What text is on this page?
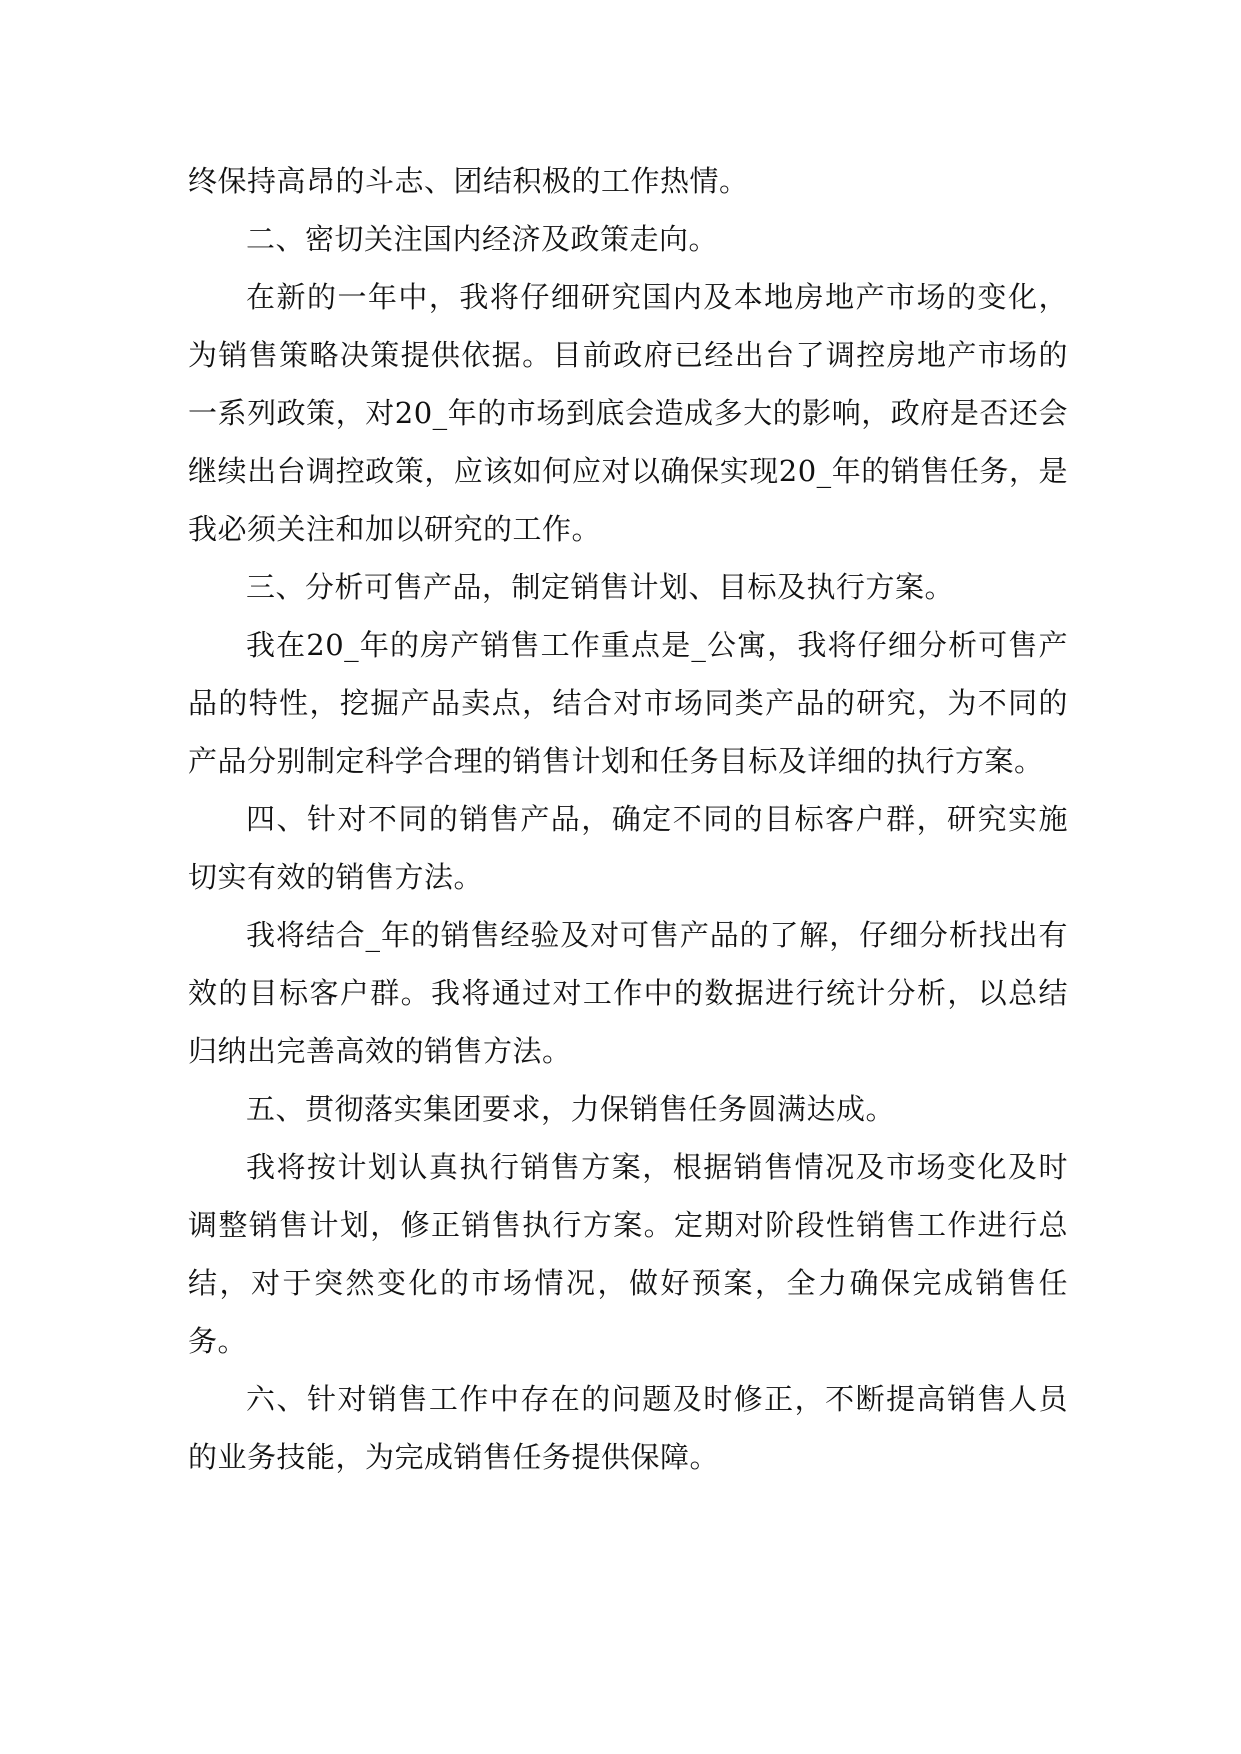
终保持高昂的斗志、团结积极的工作热情。

二、密切关注国内经济及政策走向。

在新的一年中，我将仔细研究国内及本地房地产市场的变化，为销售策略决策提供依据。目前政府已经出台了调控房地产市场的一系列政策，对20_年的市场到底会造成多大的影响，政府是否还会继续出台调控政策，应该如何应对以确保实现20_年的销售任务，是我必须关注和加以研究的工作。

三、分析可售产品，制定销售计划、目标及执行方案。

我在20_年的房产销售工作重点是_公寓，我将仔细分析可售产品的特性，挖掘产品卖点，结合对市场同类产品的研究，为不同的产品分别制定科学合理的销售计划和任务目标及详细的执行方案。

四、针对不同的销售产品，确定不同的目标客户群，研究实施切实有效的销售方法。

我将结合_年的销售经验及对可售产品的了解，仔细分析找出有效的目标客户群。我将通过对工作中的数据进行统计分析，以总结归纳出完善高效的销售方法。

五、贯彻落实集团要求，力保销售任务圆满达成。

我将按计划认真执行销售方案，根据销售情况及市场变化及时调整销售计划，修正销售执行方案。定期对阶段性销售工作进行总结，对于突然变化的市场情况，做好预案，全力确保完成销售任务。

六、针对销售工作中存在的问题及时修正，不断提高销售人员的业务技能，为完成销售任务提供保障。
